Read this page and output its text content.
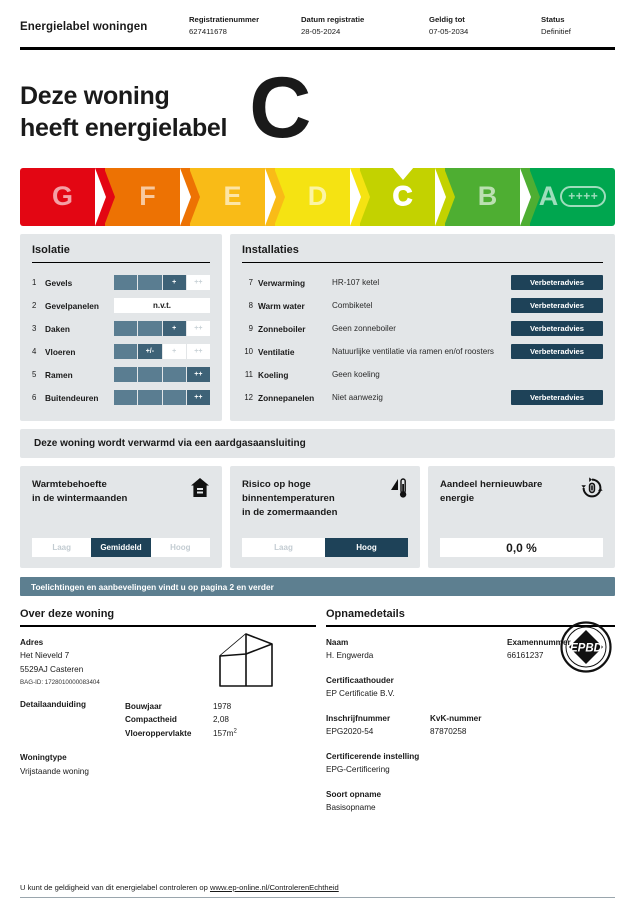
Energielabel woningen
Registratienummer
627411678
Datum registratie
28-05-2024
Geldig tot
07-05-2034
Status
Definitief
Deze woning
heeft energielabel C
G F	E D C B A ++++
Isolatie
1	Gevels	+	++
2	Gevelpanelen	n.v.t.
3	Daken	+	++
4	Vloeren	+/-	+	++
5	Ramen	++
6	Buitendeuren	++
Installaties
7 Verwarming	HR-107 ketel	Verbeteradvies
8 Warm water	Combiketel	Verbeteradvies
9 Zonneboiler	Geen zonneboiler	Verbeteradvies
10 Ventilatie	Natuurlijke ventilatie via ramen en/of roosters	Verbeteradvies
11 Koeling	Geen koeling
12 Zonnepanelen	Niet aanwezig	Verbeteradvies
Deze woning wordt verwarmd via een aardgasaansluiting
Warmtebehoefte
in de wintermaanden
Laag	Gemiddeld	Hoog
Risico op hoge
binnentemperaturen
in de zomermaanden
Laag	Hoog
Aandeel hernieuwbare
energie
0,0 %
Toelichtingen en aanbevelingen vindt u op pagina 2 en verder
Over deze woning
Adres
Het Nieveld 7
5529AJ Casteren
BAG-ID: 1728010000083404
Detailaanduiding	Bouwjaar	1978
Compactheid	2,08
Vloeroppervlakte	$157m^2$
Woningtype
Vrijstaande woning
Opnamedetails
Naam
H. Engwerda
Examennummer
66161237
Certificaathouder
EP Certificatie B.V.
Inschrijfnummer
EPG2020-54
KvK-nummer
87870258
Certificerende instelling
EPG-Certificering
Soort opname
Basisopname
EPBD
U kunt de geldigheid van dit energielabel controleren op www.ep-online.nl/ControlerenEchtheid
